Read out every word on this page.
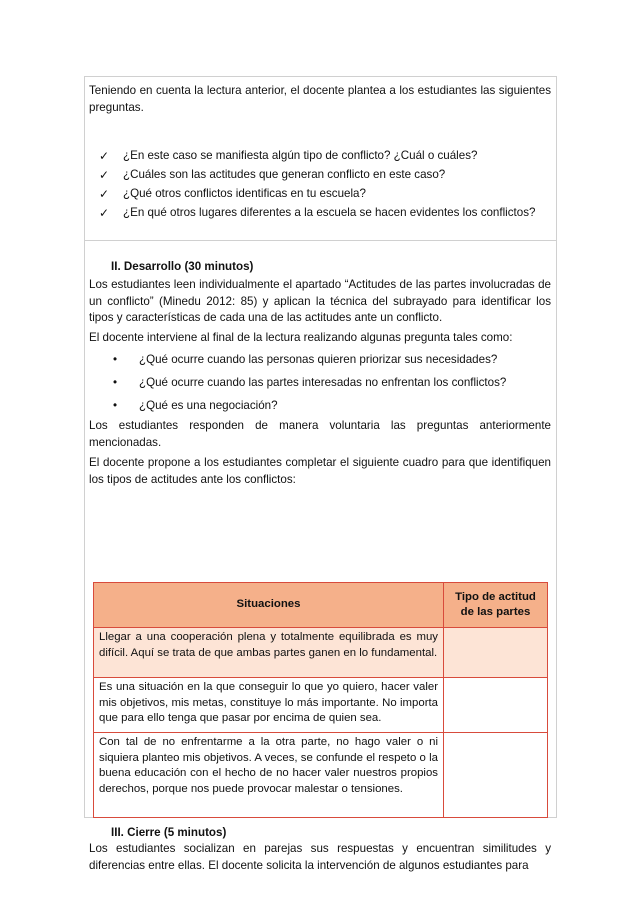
Teniendo en cuenta la lectura anterior, el docente plantea a los estudiantes las siguientes preguntas.

✓ ¿En este caso se manifiesta algún tipo de conflicto? ¿Cuál o cuáles?
✓ ¿Cuáles son las actitudes que generan conflicto en este caso?
✓ ¿Qué otros conflictos identificas en tu escuela?
✓ ¿En qué otros lugares diferentes a la escuela se hacen evidentes los conflictos?
II. Desarrollo (30 minutos)

Los estudiantes leen individualmente el apartado “Actitudes de las partes involucradas de un conflicto” (Minedu 2012: 85) y aplican la técnica del subrayado para identificar los tipos y características de cada una de las actitudes ante un conflicto.

El docente interviene al final de la lectura realizando algunas pregunta tales como:

• ¿Qué ocurre cuando las personas quieren priorizar sus necesidades?
• ¿Qué ocurre cuando las partes interesadas no enfrentan los conflictos?
• ¿Qué es una negociación?

Los estudiantes responden de manera voluntaria las preguntas anteriormente mencionadas.

El docente propone a los estudiantes completar el siguiente cuadro para que identifiquen los tipos de actitudes ante los conflictos:

Situaciones	Tipo de actitud de las partes
Llegar a una cooperación plena y totalmente equilibrada es muy difícil. Aquí se trata de que ambas partes ganen en lo fundamental.	
Es una situación en la que conseguir lo que yo quiero, hacer valer mis objetivos, mis metas, constituye lo más importante. No importa que para ello tenga que pasar por encima de quien sea.	
Con tal de no enfrentarme a la otra parte, no hago valer o ni siquiera planteo mis objetivos. A veces, se confunde el respeto o la buena educación con el hecho de no hacer valer nuestros propios derechos, porque nos puede provocar malestar o tensiones.	
III. Cierre (5 minutos)

Los estudiantes socializan en parejas sus respuestas y encuentran similitudes y diferencias entre ellas. El docente solicita la intervención de algunos estudiantes para
